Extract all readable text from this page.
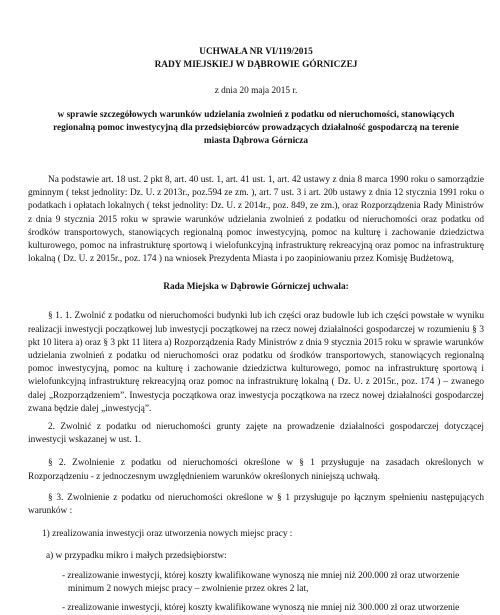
UCHWAŁA NR VI/119/2015
RADY MIEJSKIEJ W DĄBROWIE GÓRNICZEJ
z dnia 20 maja 2015 r.
w sprawie szczegółowych warunków udzielania zwolnień z podatku od nieruchomości, stanowiących
regionalną pomoc inwestycyjną dla przedsiębiorców prowadzących działalność gospodarczą na terenie
miasta Dąbrowa Górnicza
Na podstawie art. 18 ust. 2 pkt 8, art. 40 ust. 1, art. 41 ust. 1, art. 42 ustawy z dnia 8 marca 1990 roku o samorządzie gminnym ( tekst jednolity: Dz. U. z 2013r., poz.594 ze zm. ), art. 7 ust. 3 i art. 20b ustawy z dnia 12 stycznia 1991 roku o podatkach i opłatach lokalnych ( tekst jednolity: Dz. U. z 2014r., poz. 849, ze zm.), oraz Rozporządzenia Rady Ministrów z dnia 9 stycznia 2015 roku w sprawie warunków udzielania zwolnień z podatku od nieruchomości oraz podatku od środków transportowych, stanowiących regionalną pomoc inwestycyjną, pomoc na kulturę i zachowanie dziedzictwa kulturowego, pomoc na infrastrukturę sportową i wielofunkcyjną infrastrukturę rekreacyjną oraz pomoc na infrastrukturę lokalną ( Dz. U. z 2015r., poz. 174 ) na wniosek Prezydenta Miasta i po zaopiniowaniu przez Komisję Budżetową,
Rada Miejska w Dąbrowie Górniczej uchwala:
§ 1. 1. Zwolnić z podatku od nieruchomości budynki lub ich części oraz budowle lub ich części powstałe w wyniku realizacji inwestycji początkowej lub inwestycji początkowej na rzecz nowej działalności gospodarczej w rozumieniu § 3 pkt 10 litera a) oraz § 3 pkt 11 litera a) Rozporządzenia Rady Ministrów z dnia 9 stycznia 2015 roku w sprawie warunków udzielania zwolnień z podatku od nieruchomości oraz podatku od środków transportowych, stanowiących regionalną pomoc inwestycyjną, pomoc na kulturę i zachowanie dziedzictwa kulturowego, pomoc na infrastrukturę sportową i wielofunkcyjną infrastrukturę rekreacyjną oraz pomoc na infrastrukturę lokalną ( Dz. U. z 2015r., poz. 174 ) – zwanego dalej „Rozporządzeniem”. Inwestycja początkowa oraz inwestycja początkowa na rzecz nowej działalności gospodarczej zwana będzie dalej „inwestycją”.
2. Zwolnić z podatku od nieruchomości grunty zajęte na prowadzenie działalności gospodarczej dotyczącej inwestycji wskazanej w ust. 1.
§ 2. Zwolnienie z podatku od nieruchomości określone w § 1 przysługuje na zasadach określonych w Rozporządzeniu - z jednoczesnym uwzględnieniem warunków określonych niniejszą uchwałą.
§ 3. Zwolnienie z podatku od nieruchomości określone w § 1 przysługuje po łącznym spełnieniu następujących warunków :
1) zrealizowania inwestycji oraz utworzenia nowych miejsc pracy :
a) w przypadku mikro i małych przedsiębiorstw:
- zrealizowanie inwestycji, której koszty kwalifikowane wynoszą nie mniej niż 200.000 zł oraz utworzenie minimum 2 nowych miejsc pracy – zwolnienie przez okres 2 lat,
- zrealizowanie inwestycji, której koszty kwalifikowane wynoszą nie mniej niż 300.000 zł oraz utworzenie
